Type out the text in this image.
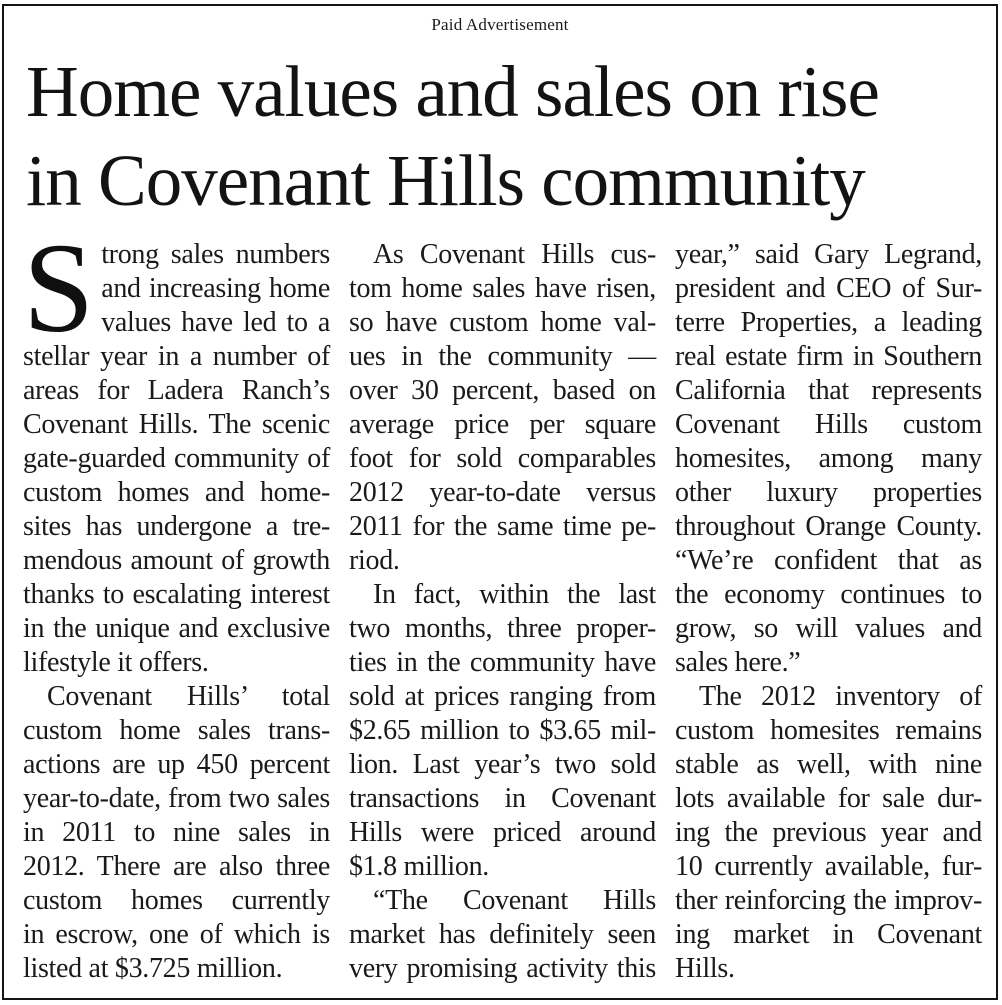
Paid Advertisement
Home values and sales on rise
in Covenant Hills community
S trong sales numbers
and increasing home
values have led to a
stellar year in a number of
areas for Ladera Ranch’s
Covenant Hills. The scenic
gate-guarded community of
custom homes and home-
sites has undergone a tre-
mendous amount of growth
thanks to escalating interest
in the unique and exclusive
lifestyle it offers.
Covenant Hills’ total
custom home sales trans-
actions are up 450 percent
year-to-date, from two sales
in 2011 to nine sales in
2012. There are also three
custom homes currently
in escrow, one of which is
listed at $3.725 million.
As Covenant Hills cus-
tom home sales have risen,
so have custom home val-
ues in the community —
over 30 percent, based on
average price per square
foot for sold comparables
2012 year-to-date versus
2011 for the same time pe-
riod.
In fact, within the last
two months, three proper-
ties in the community have
sold at prices ranging from
$2.65 million to $3.65 mil-
lion. Last year’s two sold
transactions in Covenant
Hills were priced around
$1.8 million.
“The Covenant Hills
market has definitely seen
very promising activity this
year,” said Gary Legrand,
president and CEO of Sur-
terre Properties, a leading
real estate firm in Southern
California that represents
Covenant Hills custom
homesites, among many
other luxury properties
throughout Orange County.
“We’re confident that as
the economy continues to
grow, so will values and
sales here.”
The 2012 inventory of
custom homesites remains
stable as well, with nine
lots available for sale dur-
ing the previous year and
10 currently available, fur-
ther reinforcing the improv-
ing market in Covenant
Hills.
